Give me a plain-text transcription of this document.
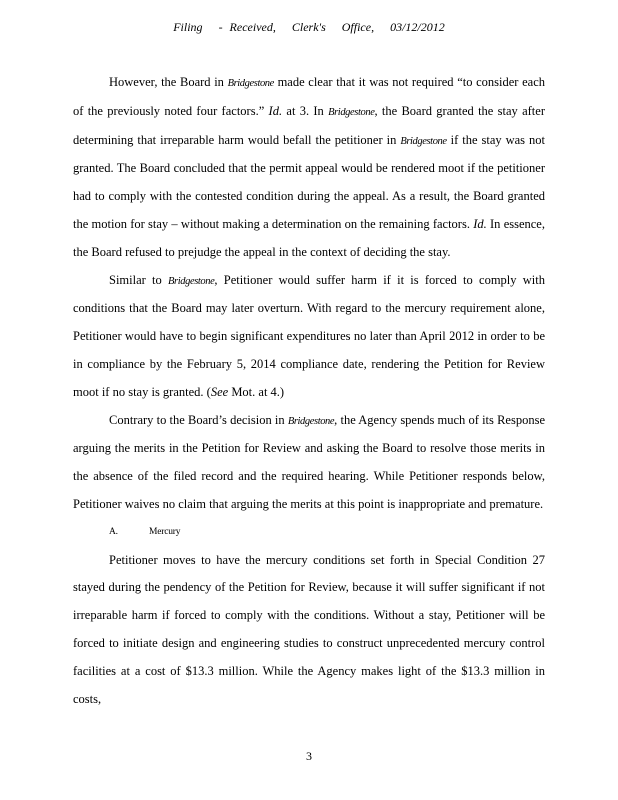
Filing - Received, Clerk's Office, 03/12/2012

However, the Board in Bridgestone made clear that it was not required “to consider each of the previously noted four factors.” Id. at 3. In Bridgestone, the Board granted the stay after determining that irreparable harm would befall the petitioner in Bridgestone if the stay was not granted. The Board concluded that the permit appeal would be rendered moot if the petitioner had to comply with the contested condition during the appeal. As a result, the Board granted the motion for stay – without making a determination on the remaining factors. Id. In essence, the Board refused to prejudge the appeal in the context of deciding the stay.

Similar to Bridgestone, Petitioner would suffer harm if it is forced to comply with conditions that the Board may later overturn. With regard to the mercury requirement alone, Petitioner would have to begin significant expenditures no later than April 2012 in order to be in compliance by the February 5, 2014 compliance date, rendering the Petition for Review moot if no stay is granted. (See Mot. at 4.)

Contrary to the Board’s decision in Bridgestone, the Agency spends much of its Response arguing the merits in the Petition for Review and asking the Board to resolve those merits in the absence of the filed record and the required hearing. While Petitioner responds below, Petitioner waives no claim that arguing the merits at this point is inappropriate and premature.

A.	Mercury

Petitioner moves to have the mercury conditions set forth in Special Condition 27 stayed during the pendency of the Petition for Review, because it will suffer significant if not irreparable harm if forced to comply with the conditions. Without a stay, Petitioner will be forced to initiate design and engineering studies to construct unprecedented mercury control facilities at a cost of $13.3 million. While the Agency makes light of the $13.3 million in costs,

3
